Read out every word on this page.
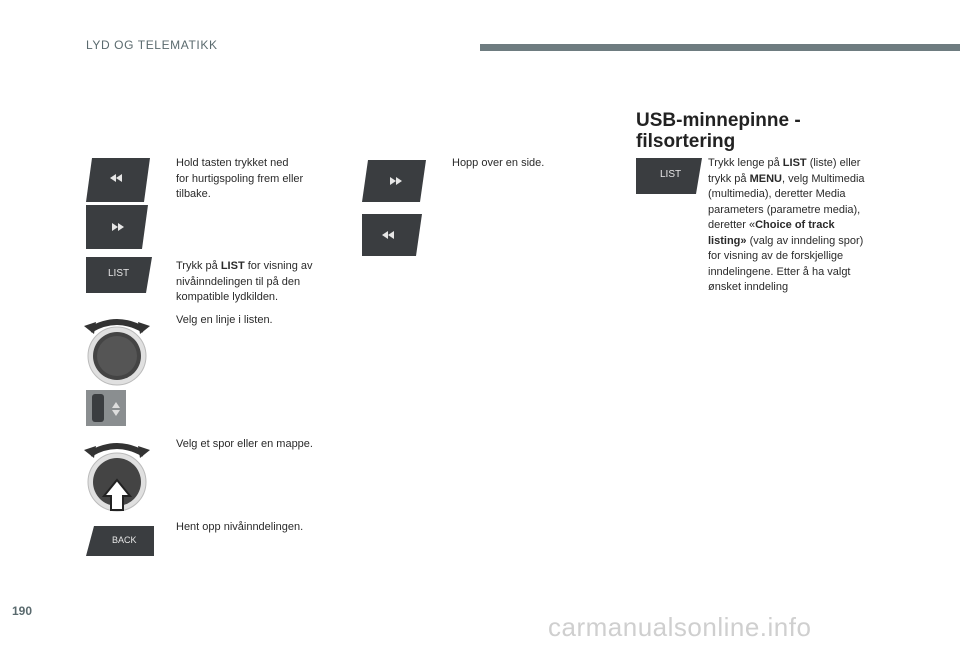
LYD OG TELEMATIKK
190
USB-minnepinne -
filsortering
LIST
BACK
Hold tasten trykket ned
for hurtigspoling frem eller
tilbake.
Trykk på LIST for visning av
nivåinndelingen til på den
kompatible lydkilden.
Velg en linje i listen.
Velg et spor eller en mappe.
Hent opp nivåinndelingen.
Hopp over en side.
LIST
Trykk lenge på LIST (liste) eller
trykk på MENU, velg Multimedia
(multimedia), deretter Media
parameters (parametre media),
deretter «Choice of track
listing» (valg av inndeling spor)
for visning av de forskjellige
inndelingene. Etter å ha valgt
ønsket inndeling
carmanualsonline.info
